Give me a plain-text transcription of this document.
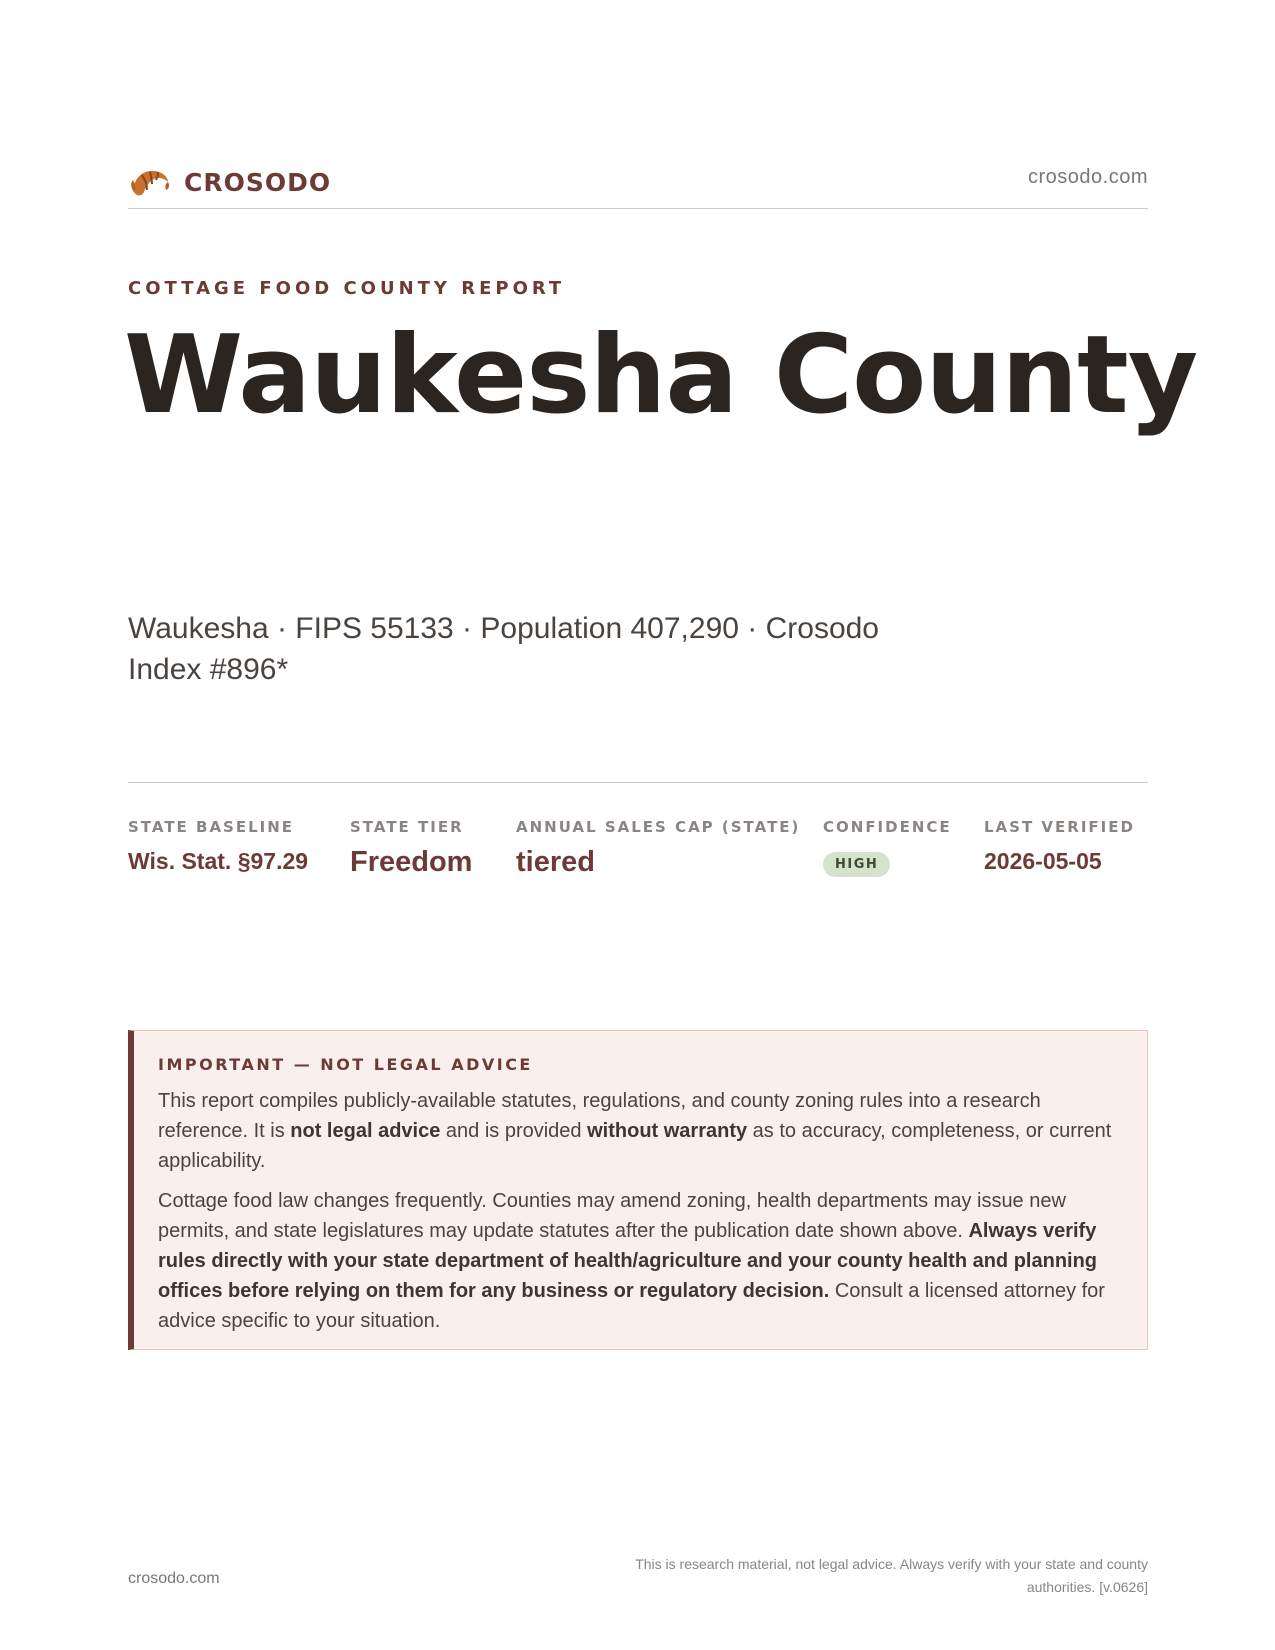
CROSODO	crosodo.com
COTTAGE FOOD COUNTY REPORT
Waukesha County
Waukesha · FIPS 55133 · Population 407,290 · Crosodo Index #896*
STATE BASELINE
Wis. Stat. §97.29
STATE TIER
Freedom
ANNUAL SALES CAP (STATE)
tiered
CONFIDENCE
HIGH
LAST VERIFIED
2026-05-05
IMPORTANT — NOT LEGAL ADVICE

This report compiles publicly-available statutes, regulations, and county zoning rules into a research reference. It is not legal advice and is provided without warranty as to accuracy, completeness, or current applicability.

Cottage food law changes frequently. Counties may amend zoning, health departments may issue new permits, and state legislatures may update statutes after the publication date shown above. Always verify rules directly with your state department of health/agriculture and your county health and planning offices before relying on them for any business or regulatory decision. Consult a licensed attorney for advice specific to your situation.

crosodo.com
This is research material, not legal advice. Always verify with your state and county authorities. [v.0626]
